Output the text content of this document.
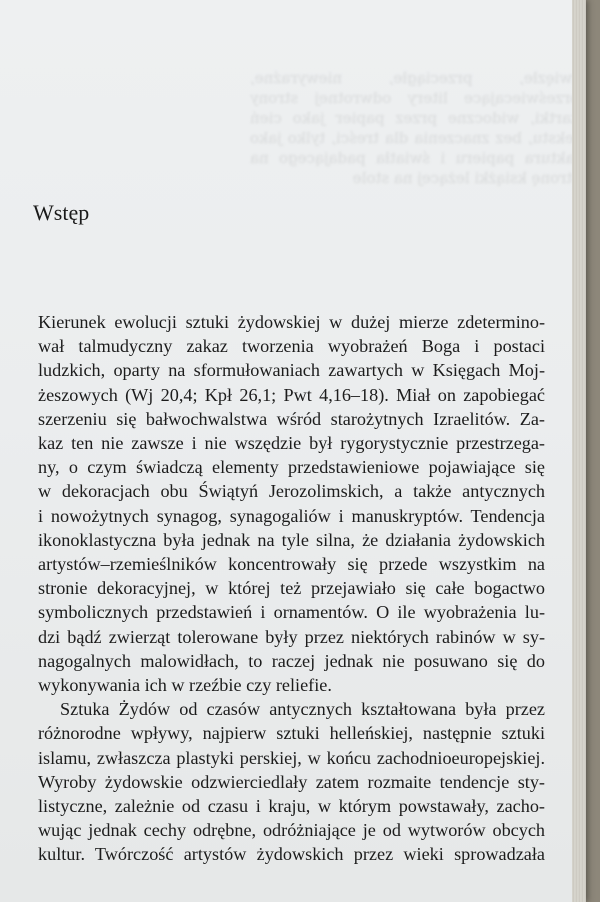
zwięzłe, przeciągłe, niewyraźne, przeświecające litery odwrotnej strony kartki, widoczne przez papier jako cień tekstu, bez znaczenia dla treści, tylko jako faktura papieru i światła padającego na stronę książki leżącej na stole
Wstęp

Kierunek ewolucji sztuki żydowskiej w dużej mierze zdetermino-

wał talmudyczny zakaz tworzenia wyobrażeń Boga i postaci

ludzkich, oparty na sformułowaniach zawartych w Księgach Moj-

żeszowych (Wj 20,4; Kpł 26,1; Pwt 4,16–18). Miał on zapobiegać

szerzeniu się bałwochwalstwa wśród starożytnych Izraelitów. Za-

kaz ten nie zawsze i nie wszędzie był rygorystycznie przestrzega-

ny, o czym świadczą elementy przedstawieniowe pojawiające się

w dekoracjach obu Świątyń Jerozolimskich, a także antycznych

i nowożytnych synagog, synagogaliów i manuskryptów. Tendencja

ikonoklastyczna była jednak na tyle silna, że działania żydowskich

artystów–rzemieślników koncentrowały się przede wszystkim na

stronie dekoracyjnej, w której też przejawiało się całe bogactwo

symbolicznych przedstawień i ornamentów. O ile wyobrażenia lu-

dzi bądź zwierząt tolerowane były przez niektórych rabinów w sy-

nagogalnych malowidłach, to raczej jednak nie posuwano się do

wykonywania ich w rzeźbie czy reliefie.

Sztuka Żydów od czasów antycznych kształtowana była przez

różnorodne wpływy, najpierw sztuki helleńskiej, następnie sztuki

islamu, zwłaszcza plastyki perskiej, w końcu zachodnioeuropejskiej.

Wyroby żydowskie odzwierciedlały zatem rozmaite tendencje sty-

listyczne, zależnie od czasu i kraju, w którym powstawały, zacho-

wując jednak cechy odrębne, odróżniające je od wytworów obcych

kultur. Twórczość artystów żydowskich przez wieki sprowadzała
